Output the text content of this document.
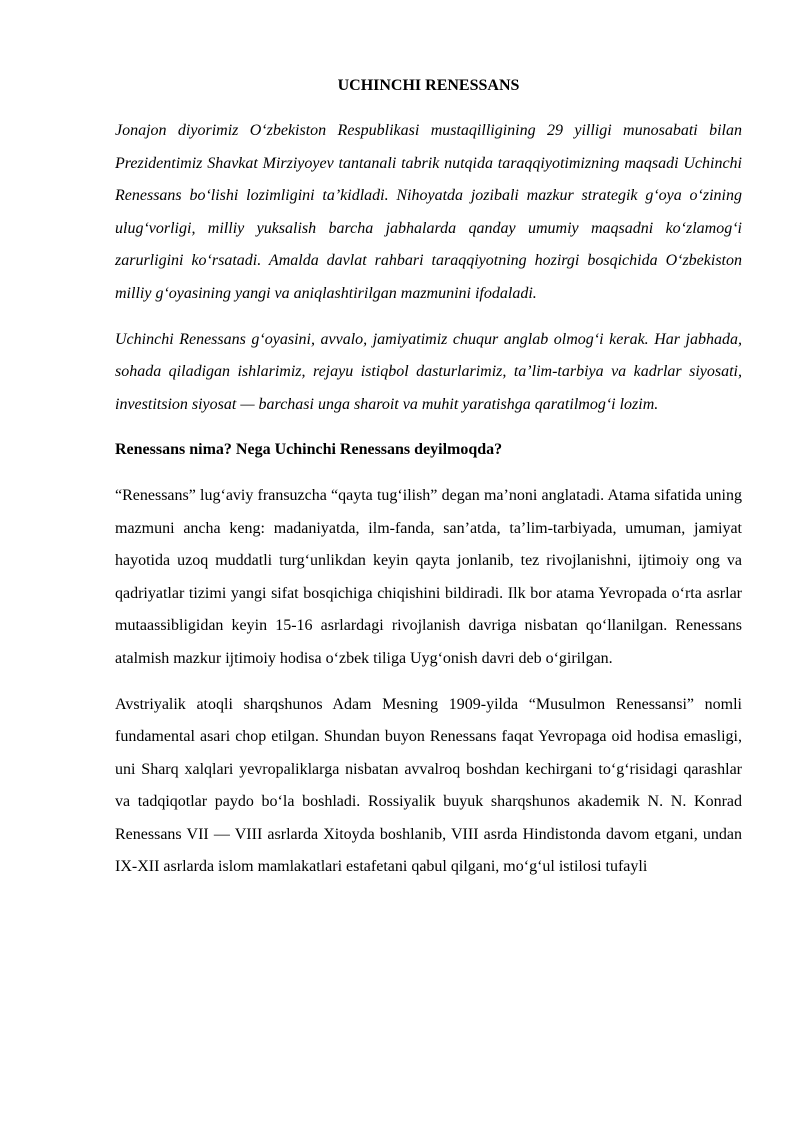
UCHINCHI RENESSANS

Jonajon diyorimiz O‘zbekiston Respublikasi mustaqilligining 29 yilligi munosabati bilan Prezidentimiz Shavkat Mirziyoyev tantanali tabrik nutqida taraqqiyotimizning maqsadi Uchinchi Renessans bo‘lishi lozimligini ta’kidladi. Nihoyatda jozibali mazkur strategik g‘oya o‘zining ulug‘vorligi, milliy yuksalish barcha jabhalarda qanday umumiy maqsadni ko‘zlamog‘i zarurligini ko‘rsatadi. Amalda davlat rahbari taraqqiyotning hozirgi bosqichida O‘zbekiston milliy g‘oyasining yangi va aniqlashtirilgan mazmunini ifodaladi.

Uchinchi Renessans g‘oyasini, avvalo, jamiyatimiz chuqur anglab olmog‘i kerak. Har jabhada, sohada qiladigan ishlarimiz, rejayu istiqbol dasturlarimiz, ta’lim-tarbiya va kadrlar siyosati, investitsion siyosat — barchasi unga sharoit va muhit yaratishga qaratilmog‘i lozim.

Renessans nima? Nega Uchinchi Renessans deyilmoqda?

“Renessans” lug‘aviy fransuzcha “qayta tug‘ilish” degan ma’noni anglatadi. Atama sifatida uning mazmuni ancha keng: madaniyatda, ilm-fanda, san’atda, ta’lim-tarbiyada, umuman, jamiyat hayotida uzoq muddatli turg‘unlikdan keyin qayta jonlanib, tez rivojlanishni, ijtimoiy ong va qadriyatlar tizimi yangi sifat bosqichiga chiqishini bildiradi. Ilk bor atama Yevropada o‘rta asrlar mutaassibligidan keyin 15-16 asrlardagi rivojlanish davriga nisbatan qo‘llanilgan. Renessans atalmish mazkur ijtimoiy hodisa o‘zbek tiliga Uyg‘onish davri deb o‘girilgan.

Avstriyalik atoqli sharqshunos Adam Mesning 1909-yilda “Musulmon Renessansi” nomli fundamental asari chop etilgan. Shundan buyon Renessans faqat Yevropaga oid hodisa emasligi, uni Sharq xalqlari yevropaliklarga nisbatan avvalroq boshdan kechirgani to‘g‘risidagi qarashlar va tadqiqotlar paydo bo‘la boshladi. Rossiyalik buyuk sharqshunos akademik N. N. Konrad Renessans VII — VIII asrlarda Xitoyda boshlanib, VIII asrda Hindistonda davom etgani, undan IX-XII asrlarda islom mamlakatlari estafetani qabul qilgani, mo‘g‘ul istilosi tufayli
